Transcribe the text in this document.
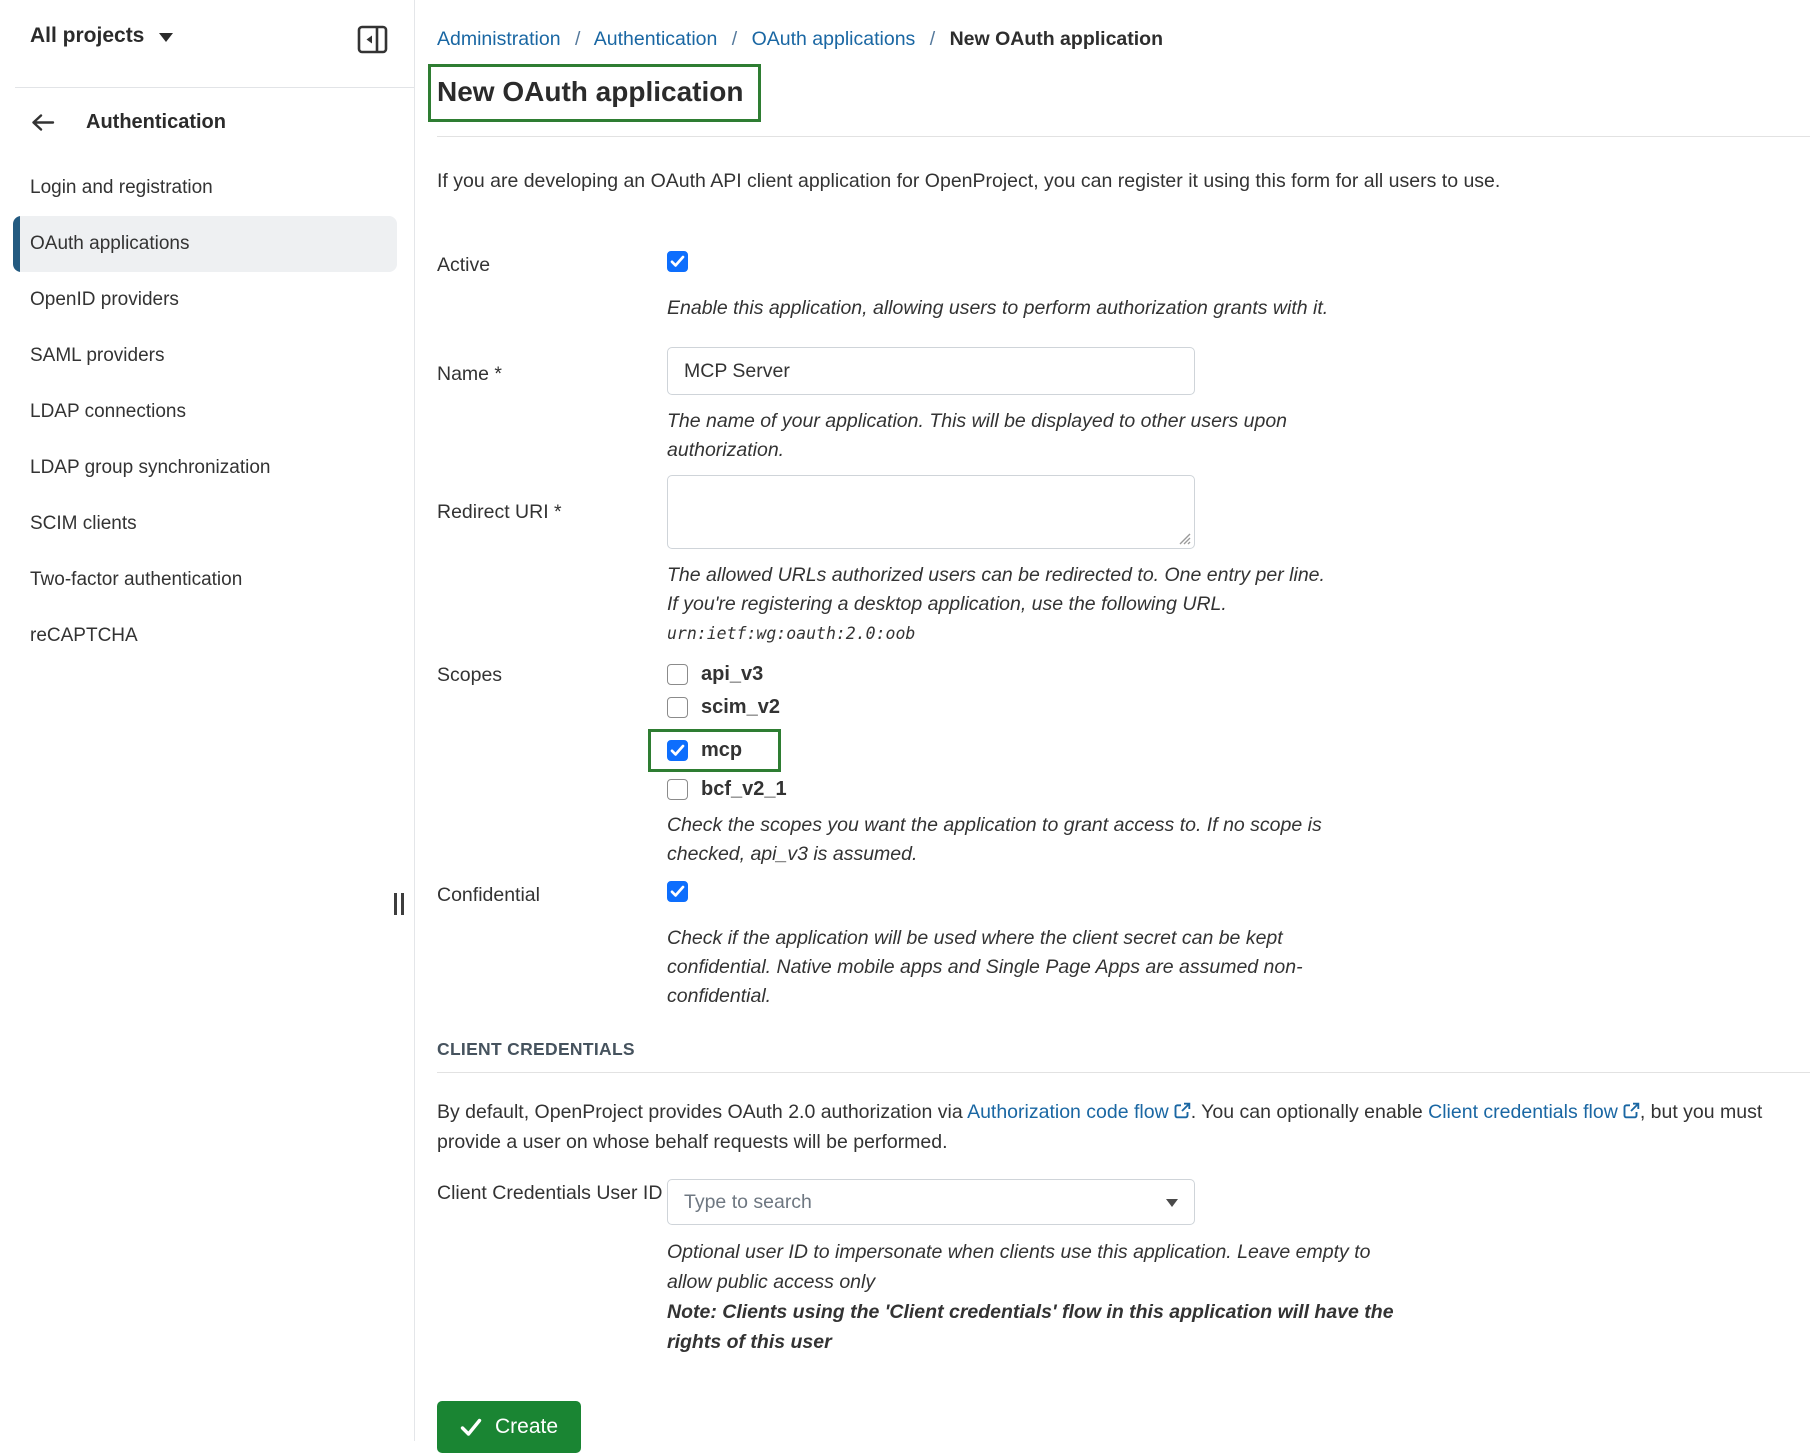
All projects
Authentication
Login and registration
OAuth applications
OpenID providers
SAML providers
LDAP connections
LDAP group synchronization
SCIM clients
Two-factor authentication
reCAPTCHA
Administration / Authentication / OAuth applications / New OAuth application
New OAuth application

If you are developing an OAuth API client application for OpenProject, you can register it using this form for all users to use.

Active

Enable this application, allowing users to perform authorization grants with it.

Name *
MCP Server

The name of your application. This will be displayed to other users upon authorization.

Redirect URI *

The allowed URLs authorized users can be redirected to. One entry per line.
If you're registering a desktop application, use the following URL.

urn:ietf:wg:oauth:2.0:oob

Scopes	api_v3
scim_v2
mcp
bcf_v2_1

Check the scopes you want the application to grant access to. If no scope is checked, api_v3 is assumed.

Confidential

Check if the application will be used where the client secret can be kept confidential. Native mobile apps and Single Page Apps are assumed non-confidential.

CLIENT CREDENTIALS

By default, OpenProject provides OAuth 2.0 authorization via Authorization code flow . You can optionally enable Client credentials flow , but you must provide a user on whose behalf requests will be performed.

Client Credentials User ID Type to search

Optional user ID to impersonate when clients use this application. Leave empty to allow public access only
Note: Clients using the 'Client credentials' flow in this application will have the rights of this user

Create
